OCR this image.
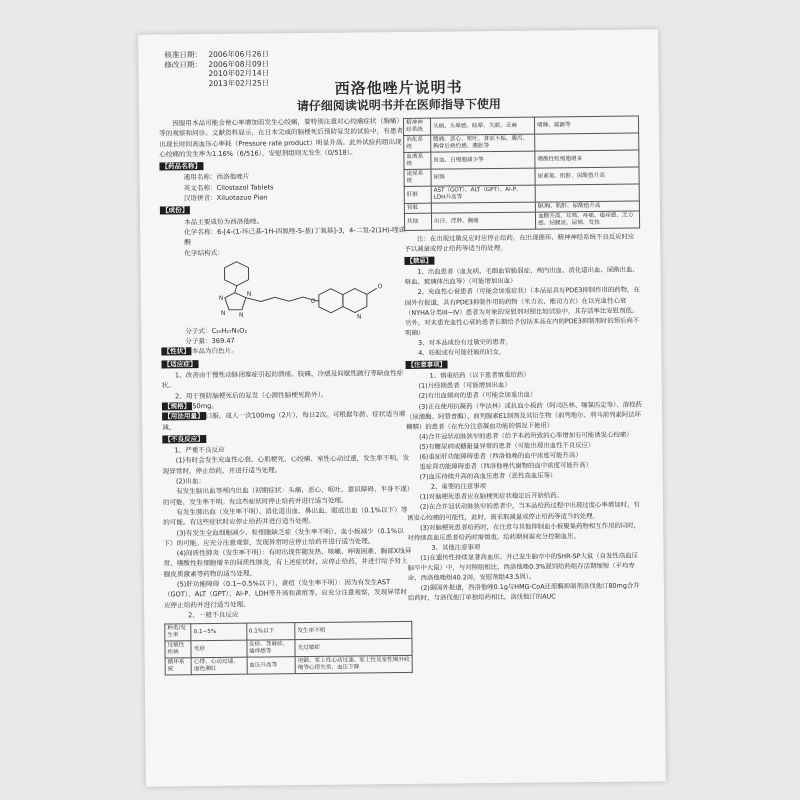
核准日期： 2006年06月26日
修改日期： 2006年08月09日
2010年02月14日
2013年02月25日	西洛他唑片说明书
请仔细阅读说明书并在医师指导下使用

因服用本品可能会使心率增加而发生心绞痛，要特别注意对心绞痛症状（胸痛）等的观察和问诊。文献资料显示，在日本完成的脑梗死后预防复发的试验中，有患者出现长时间高血压心率耗（Pressure rate product）明显升高。此外试验药组出现心绞痛的发生率为1.16%（6/516），安慰剂组则无发生（0/518）。

【药品名称】

通用名称：西洛他唑片

英文名称：Cilostazol Tablets

汉语拼音：Xiluotazuo Pian

【成份】

本品主要成份为西洛他唑。

化学名称：6-[4-(1-环己基-1H-四氮唑-5-基)丁氧基]-3，4-二氢-2(1H)-喹诺酮

化学结构式：

N
N
N N
O
N
O

分子式：C₂₀H₂₇N₅O₂

分子量：369.47

【性状】 本品为白色片。

【适应症】

1、改善由于慢性动脉闭塞症引起的溃疡、肢痛、冷感及间歇性跛行等缺血性症状。

2、用于预防脑梗死后的复发（心源性脑梗死除外）。

【规格】 50mg。

【用法用量】 口服，成人一次100mg（2片），每日2次。可根据年龄、症状适当增减。

【不良反应】

1、严重不良反应

(1)有时会发生充血性心衰、心肌梗死、心绞痛、室性心动过速，发生率不明。发现异常时，停止给药，并进行适当处理。

(2)出血：

有发生脑出血等颅内出血（初期症状：头痛、恶心、呕吐、意识障碍、半身不遂）的可能，发生率不明。有这些症状时停止给药并进行适当处理。

有发生肺出血（发生率不明）、消化道出血、鼻出血、眼底出血（0.1%以下）等的可能。有这些症状时应停止给药并进行适当处理。

(3)有发生全血细胞减少、粒细胞缺乏症（发生率不明）、血小板减少（0.1%以下）的可能。应充分注意观察，发现异常时应停止给药并进行适当处理。

(4)间质性肺炎（发生率不明）：有时出现伴随发热、咳嗽、呼吸困难、胸部X线异常、嗜酸性粒细胞增多的间质性肺炎，有上述症状时，应停止给药，并进行给予肾上腺皮质激素等药物的适当处理。

(5)肝功能障碍（0.1~0.5%以下）、黄疸（发生率不明）：因为有发生AST（GOT）、ALT（GPT）、Al-P、LDH等升高和黄疸等，应充分注意观察，发现异常时应停止给药并进行适当处理。

2、一般不良反应

种类/发生率	0.1~5%	0.1%以下	发生率不明
过敏性疾病	发疹	皮疹、荨麻疹、瘙痒感等	光过敏症
循环系统	心悸、心动过速、面色潮红	血压升高等	房颤、室上性心动过速、室上性及室性期外收缩等心律失常、血压下降
精神神经系统	头痛、头晕感、眩晕、失眠、乏麻	嗜睡、震颤等
消化系统	腹痛、恶心、呕吐、食欲不振、腹泻、胸骨后烧灼感、腹胀等	
血液系统	贫血、白细胞减少等	嗜酸性粒细胞增多
泌尿系统	尿频	尿素氮、肌酐、尿酸值升高
肝脏	AST（GOT）、ALT（GPT）、Al-P、LDH升高等	
肾脏		BUN、肌酐、尿酸值升高
其他	出汗、浮肿、胸痛	血糖升高、耳鸣、疼痛、瘙痒感、乏力感、结膜炎、尿频、发热

注：在出现过敏反应时应停止给药。在出现循环、精神神经系统不良反应时应予以减量或停止给药等适当的处理。

【禁忌】

1、出血患者（血友病、毛细血管脆弱症、颅内出血、消化道出血、尿路出血、咯血、玻璃体出血等）（可能增加出血）

2、充血性心衰患者（可能会加重症状）（本品是具有PDE3抑制作用的药物，在国外有报道，具有PDE3抑制作用的药物（米力农、维司力农）在以充血性心衰（NYHA分类III~IV）患者为对象的安慰剂对照比较试验中，其存活率比安慰剂低。另外，对未患充血性心衰的患者长期给予包括本品在内的PDE3抑制剂时的预后尚不明确）

3、对本品成份有过敏史的患者。

4、妊娠或有可能妊娠的妇女。

【注意事项】

1、慎重给药（以下患者慎重给药）

(1)月经期患者（可能增加出血）

(2)有出血倾向的患者（可能会加重出血）

(3)正在使用抗凝药（华法林）或抗血小板药（阿司匹林、噻氯匹定等）、溶栓药（尿激酶、阿替普酶）、前列腺素E1制剂及其衍生物（前列地尔、利马前列素阿法环糊精）的患者（在充分注意凝血功能的情况下使用）

(4)合并冠状动脉狭窄的患者（给予本药所致的心率增加有可能诱发心绞痛）

(5)有糖尿病或糖耐量异常的患者（可能出现出血性不良反应）

(6)重症肝功能障碍患者（西洛他唑的血中浓度可能升高）

重症肾功能障碍患者（西洛他唑代谢物的血中浓度可能升高）

(7)血压持续升高的高血压患者（恶性高血压等）

2、重要的注意事项

(1)对脑梗死患者应在脑梗死症状稳定后开始给药。

(2)在合并冠状动脉狭窄的患者中，当本品给药过程中出现过度心率增加时，有诱发心绞痛的可能性，此时，需采取减量或停止给药等适当的处理。

(3)对脑梗死患者给药时，在注意与其他抑制血小板聚集药物相互作用的同时，对持续高血压患者给药时需慎重，给药期间需充分控制血压。

3、其他注意事项

(1)在遗传性持续显著高血压、并已发生脑卒中的SHR-SP大鼠（自发性高血压脑卒中大鼠）中，与对照组相比，西洛他唑0.3%混饲给药组存活期缩短（平均寿命，西洛他唑组40.2周，安慰剂组43.5周）。

(2)据国外报道，西洛他唑0.1g与HMG-CoA还原酶抑制剂洛伐他汀80mg合并给药时，与洛伐他汀单独给药相比，洛伐他汀的AUC
